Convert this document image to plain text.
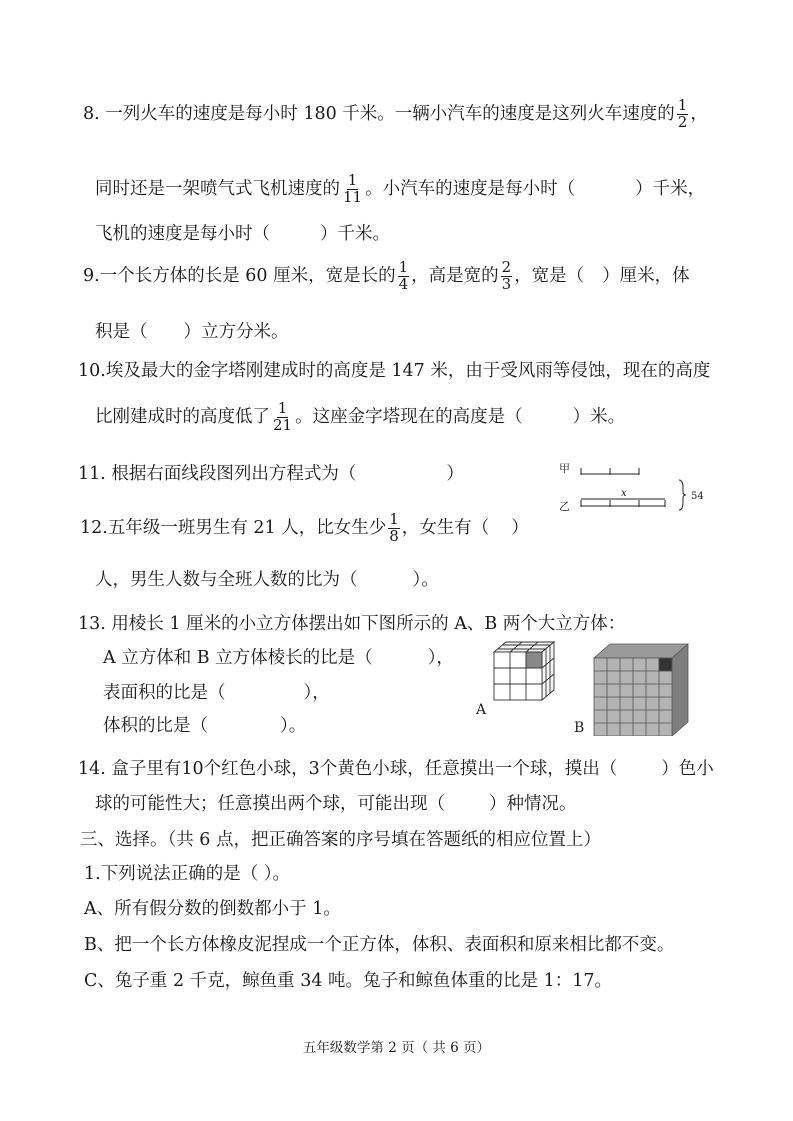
8. 一列火车的速度是每小时 180 千米。一辆小汽车的速度是这列火车速度的 $\frac{1}{2}$ ，
同时还是一架喷气式飞机速度的 $\frac{1}{11}$ 。小汽车的速度是每小时（	）千米，
飞机的速度是每小时（	）千米。
9.一个长方体的长是 60 厘米，宽是长的 $\frac{1}{4}$ ，高是宽的 $\frac{2}{3}$ ，宽是（ ）厘米，体
积是（ ）立方分米。
10.埃及最大的金字塔刚建成时的高度是 147 米，由于受风雨等侵蚀，现在的高度
比刚建成时的高度低了 $\frac{1}{21}$ 。这座金字塔现在的高度是（	）米。
11. 根据右面线段图列出方程式为（	）	甲
x
乙
54
12.五年级一班男生有 21 人，比女生少 $\frac{1}{8}$ ，女生有（ ）
人，男生人数与全班人数的比为（	）。
13. 用棱长 1 厘米的小立方体摆出如下图所示的 A、B 两个大立方体：
A 立方体和 B 立方体棱长的比是（	），
表面积的比是（	），
体积的比是（	）。
A
B
14. 盒子里有10个红色小球，3个黄色小球，任意摸出一个球，摸出（	）色小
球的可能性大；任意摸出两个球，可能出现（	）种情况。
三、选择。（共 6 点，把正确答案的序号填在答题纸的相应位置上）
1.下列说法正确的是（ ）。
A、所有假分数的倒数都小于 1。
B、把一个长方体橡皮泥捏成一个正方体，体积、表面积和原来相比都不变。
C、兔子重 2 千克，鲸鱼重 34 吨。兔子和鲸鱼体重的比是 1：17。
五年级数学第 2 页（ 共 6 页）
